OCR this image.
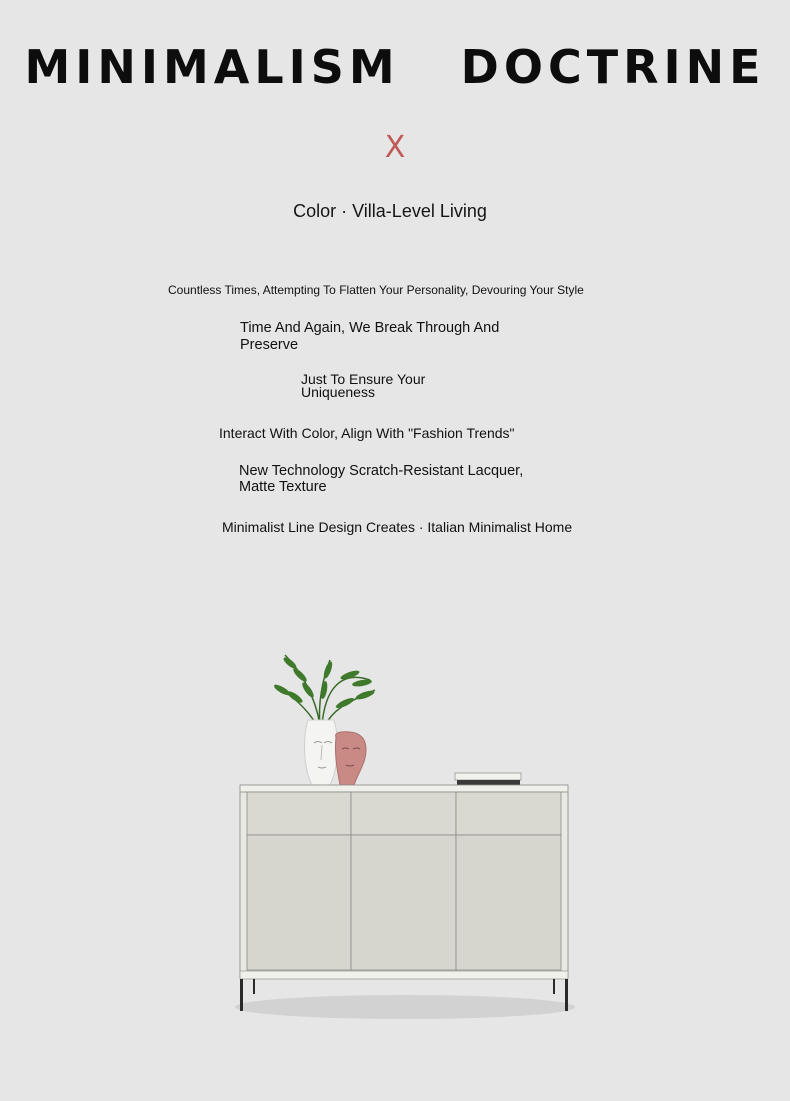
MINIMALISM DOCTRINE
X
Color · Villa-Level Living
Countless Times, Attempting To Flatten Your Personality, Devouring Your Style
Time And Again, We Break Through And Preserve
Just To Ensure Your Uniqueness
Interact With Color, Align With "Fashion Trends"
New Technology Scratch-Resistant Lacquer, Matte Texture
Minimalist Line Design Creates · Italian Minimalist Home
